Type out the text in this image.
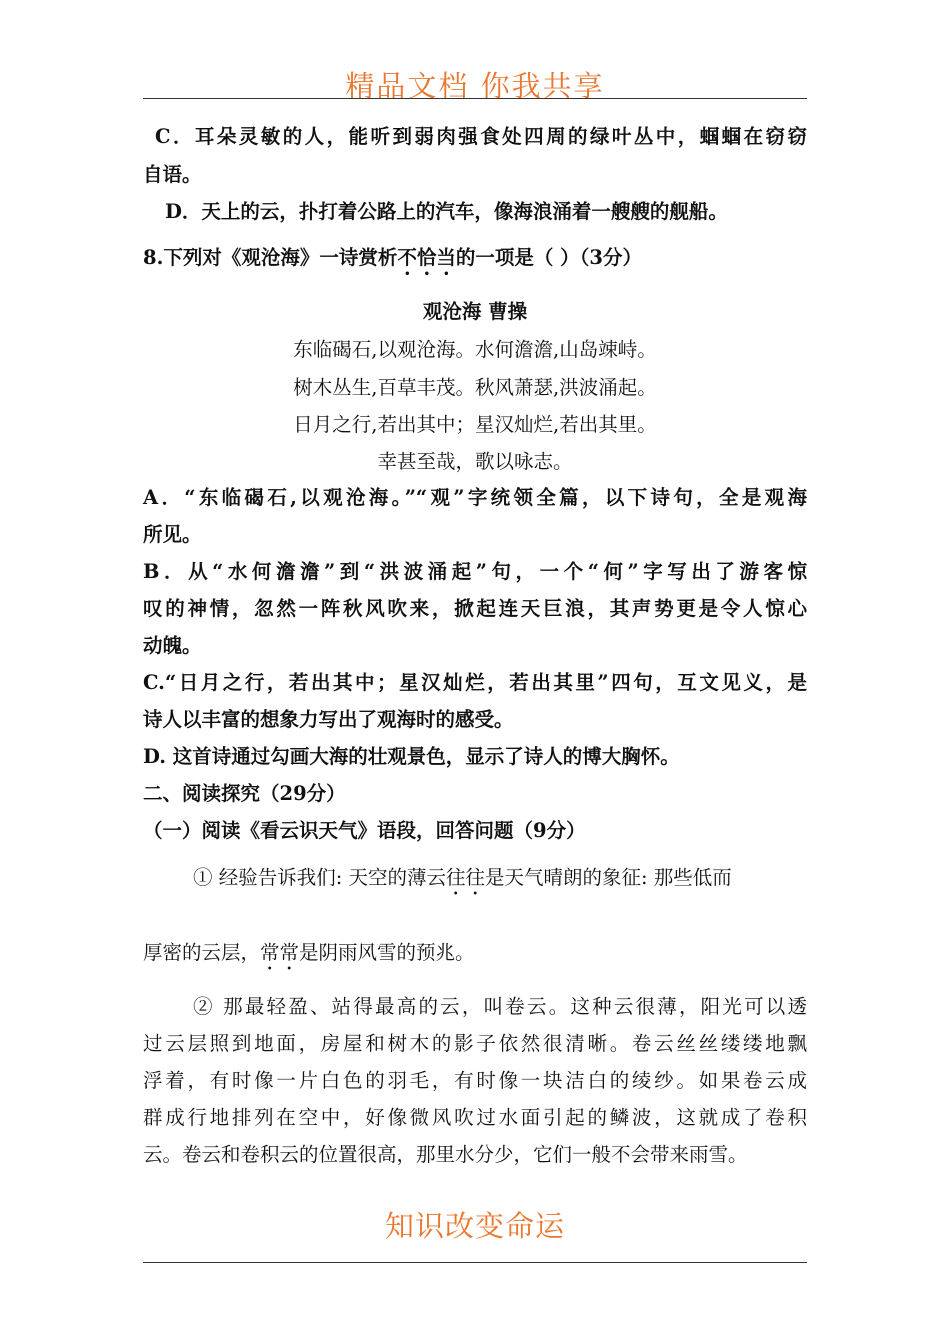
精品文档 你我共享
C．耳朵灵敏的人，能听到弱肉强食处四周的绿叶丛中，蝈蝈在窃窃
自语。
D．天上的云，扑打着公路上的汽车，像海浪涌着一艘艘的舰船。
8.下列对《观沧海》一诗赏析不恰当的一项是（ ）（3分）
观沧海 曹操
东临碣石,以观沧海。水何澹澹,山岛竦峙。
树木丛生,百草丰茂。秋风萧瑟,洪波涌起。
日月之行,若出其中；星汉灿烂,若出其里。
幸甚至哉，歌以咏志。
A．“东临碣石,以观沧海。”“观”字统领全篇，以下诗句，全是观海
所见。
B．从“水何澹澹”到“洪波涌起”句，一个“何”字写出了游客惊
叹的神情，忽然一阵秋风吹来，掀起连天巨浪，其声势更是令人惊心
动魄。
C.“日月之行，若出其中；星汉灿烂，若出其里”四句，互文见义，是
诗人以丰富的想象力写出了观海时的感受。
D. 这首诗通过勾画大海的壮观景色，显示了诗人的博大胸怀。
二、阅读探究（29分）
（一）阅读《看云识天气》语段，回答问题（9分）
① 经验告诉我们: 天空的薄云往往是天气晴朗的象征: 那些低而
厚密的云层，常常是阴雨风雪的预兆。
② 那最轻盈、站得最高的云，叫卷云。这种云很薄，阳光可以透
过云层照到地面，房屋和树木的影子依然很清晰。卷云丝丝缕缕地飘
浮着，有时像一片白色的羽毛，有时像一块洁白的绫纱。如果卷云成
群成行地排列在空中，好像微风吹过水面引起的鳞波，这就成了卷积
云。卷云和卷积云的位置很高，那里水分少，它们一般不会带来雨雪。
知识改变命运
